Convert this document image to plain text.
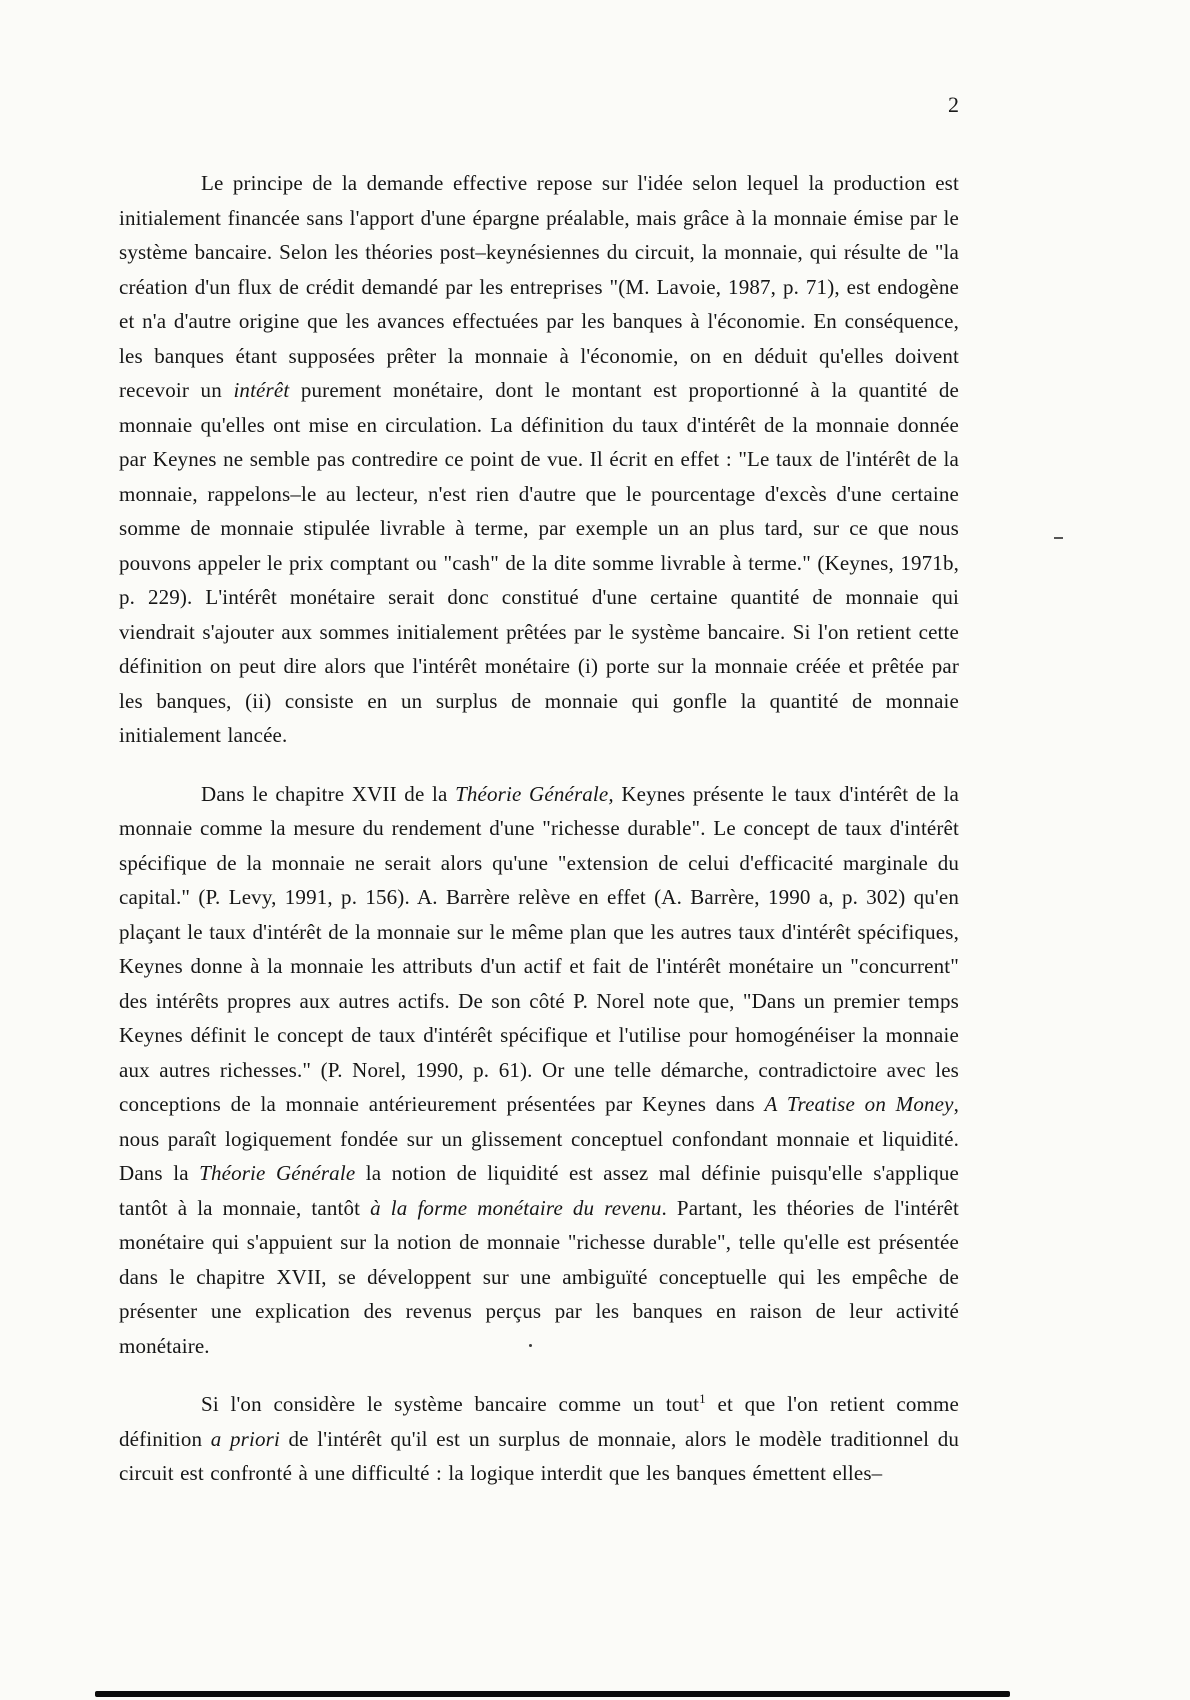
2

Le principe de la demande effective repose sur l'idée selon lequel la production est initialement financée sans l'apport d'une épargne préalable, mais grâce à la monnaie émise par le système bancaire. Selon les théories post–keynésiennes du circuit, la monnaie, qui résulte de "la création d'un flux de crédit demandé par les entreprises "(M. Lavoie, 1987, p. 71), est endogène et n'a d'autre origine que les avances effectuées par les banques à l'économie. En conséquence, les banques étant supposées prêter la monnaie à l'économie, on en déduit qu'elles doivent recevoir un intérêt purement monétaire, dont le montant est proportionné à la quantité de monnaie qu'elles ont mise en circulation. La définition du taux d'intérêt de la monnaie donnée par Keynes ne semble pas contredire ce point de vue. Il écrit en effet : "Le taux de l'intérêt de la monnaie, rappelons–le au lecteur, n'est rien d'autre que le pourcentage d'excès d'une certaine somme de monnaie stipulée livrable à terme, par exemple un an plus tard, sur ce que nous pouvons appeler le prix comptant ou "cash" de la dite somme livrable à terme." (Keynes, 1971b, p. 229). L'intérêt monétaire serait donc constitué d'une certaine quantité de monnaie qui viendrait s'ajouter aux sommes initialement prêtées par le système bancaire. Si l'on retient cette définition on peut dire alors que l'intérêt monétaire (i) porte sur la monnaie créée et prêtée par les banques, (ii) consiste en un surplus de monnaie qui gonfle la quantité de monnaie initialement lancée.

Dans le chapitre XVII de la Théorie Générale, Keynes présente le taux d'intérêt de la monnaie comme la mesure du rendement d'une "richesse durable". Le concept de taux d'intérêt spécifique de la monnaie ne serait alors qu'une "extension de celui d'efficacité marginale du capital." (P. Levy, 1991, p. 156). A. Barrère relève en effet (A. Barrère, 1990 a, p. 302) qu'en plaçant le taux d'intérêt de la monnaie sur le même plan que les autres taux d'intérêt spécifiques, Keynes donne à la monnaie les attributs d'un actif et fait de l'intérêt monétaire un "concurrent" des intérêts propres aux autres actifs. De son côté P. Norel note que, "Dans un premier temps Keynes définit le concept de taux d'intérêt spécifique et l'utilise pour homogénéiser la monnaie aux autres richesses." (P. Norel, 1990, p. 61). Or une telle démarche, contradictoire avec les conceptions de la monnaie antérieurement présentées par Keynes dans A Treatise on Money, nous paraît logiquement fondée sur un glissement conceptuel confondant monnaie et liquidité. Dans la Théorie Générale la notion de liquidité est assez mal définie puisqu'elle s'applique tantôt à la monnaie, tantôt à la forme monétaire du revenu. Partant, les théories de l'intérêt monétaire qui s'appuient sur la notion de monnaie "richesse durable", telle qu'elle est présentée dans le chapitre XVII, se développent sur une ambiguïté conceptuelle qui les empêche de présenter une explication des revenus perçus par les banques en raison de leur activité monétaire.

Si l'on considère le système bancaire comme un tout$^1$ et que l'on retient comme définition a priori de l'intérêt qu'il est un surplus de monnaie, alors le modèle traditionnel du circuit est confronté à une difficulté : la logique interdit que les banques émettent elles–
